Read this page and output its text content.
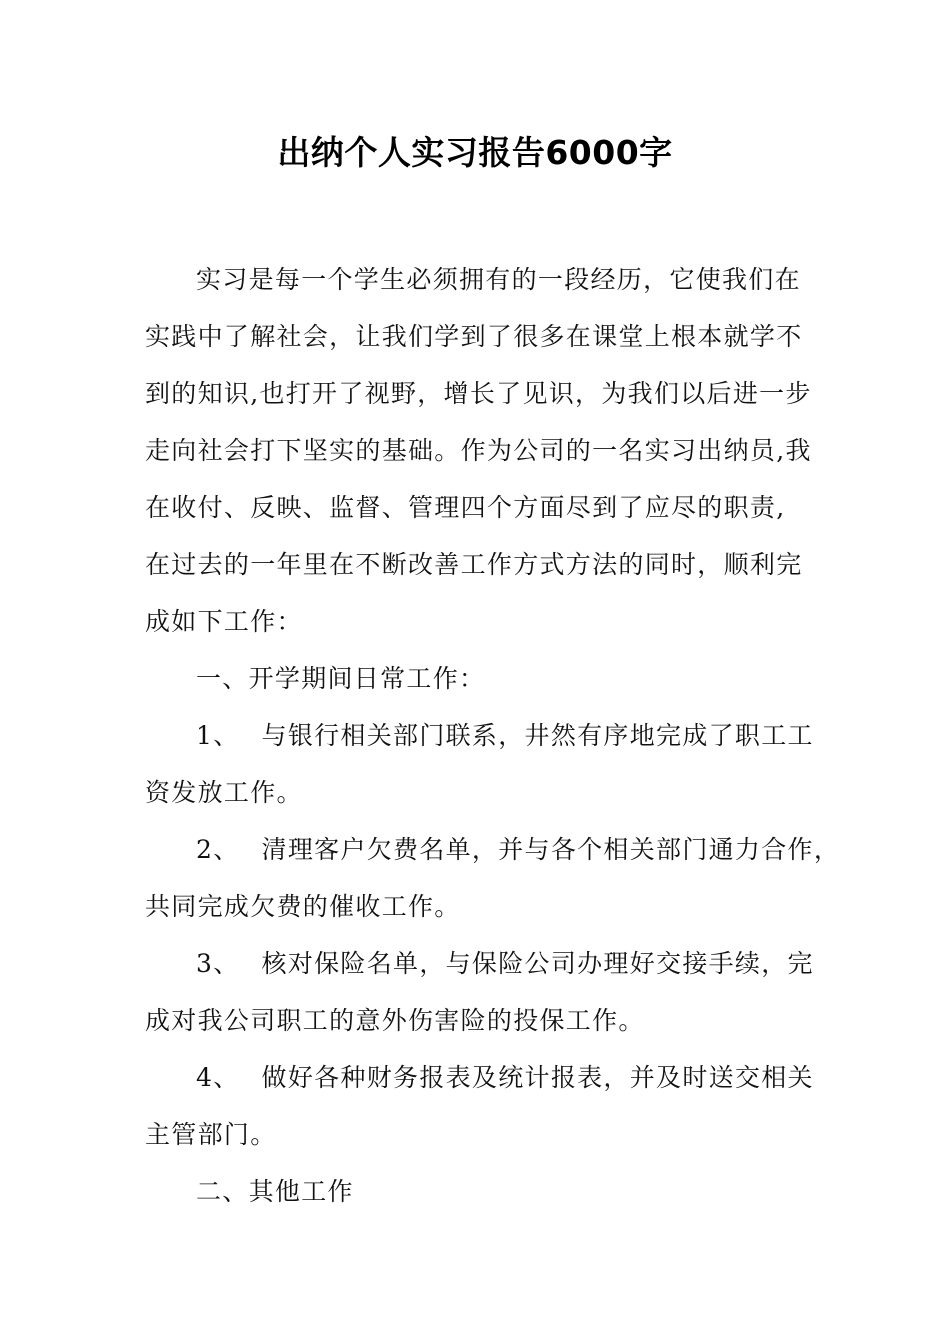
出纳个人实习报告6000字
实习是每一个学生必须拥有的一段经历，它使我们在
实践中了解社会，让我们学到了很多在课堂上根本就学不
到的知识,也打开了视野，增长了见识，为我们以后进一步
走向社会打下坚实的基础。作为公司的一名实习出纳员,我
在收付、反映、监督、管理四个方面尽到了应尽的职责,
在过去的一年里在不断改善工作方式方法的同时，顺利完
成如下工作：
一、开学期间日常工作：
1、 与银行相关部门联系，井然有序地完成了职工工
资发放工作。
2、 清理客户欠费名单，并与各个相关部门通力合作，
共同完成欠费的催收工作。
3、 核对保险名单，与保险公司办理好交接手续，完
成对我公司职工的意外伤害险的投保工作。
4、 做好各种财务报表及统计报表，并及时送交相关
主管部门。
二、其他工作
